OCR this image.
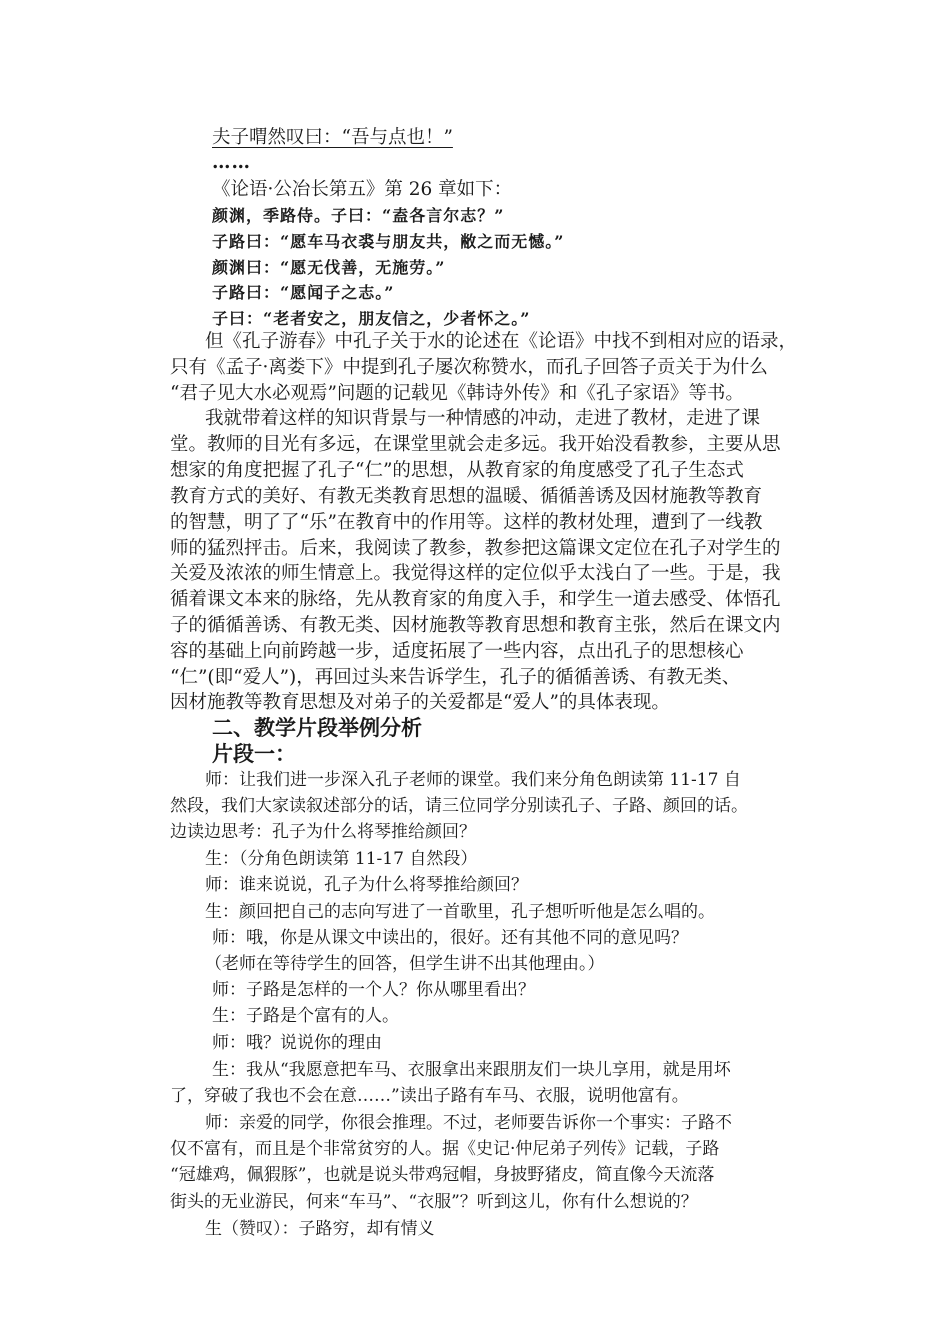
夫子喟然叹曰：“吾与点也！”
……
《论语·公冶长第五》第 26 章如下：
颜渊，季路侍。子曰：“盍各言尔志？”
子路曰：“愿车马衣裘与朋友共，敝之而无憾。”
颜渊曰：“愿无伐善，无施劳。”
子路曰：“愿闻子之志。”
子曰：“老者安之，朋友信之，少者怀之。”
但《孔子游春》中孔子关于水的论述在《论语》中找不到相对应的语录，
只有《孟子·离娄下》中提到孔子屡次称赞水，而孔子回答子贡关于为什么
“君子见大水必观焉”问题的记载见《韩诗外传》和《孔子家语》等书。
我就带着这样的知识背景与一种情感的冲动，走进了教材，走进了课
堂。教师的目光有多远，在课堂里就会走多远。我开始没看教参，主要从思
想家的角度把握了孔子“仁”的思想，从教育家的角度感受了孔子生态式
教育方式的美好、有教无类教育思想的温暖、循循善诱及因材施教等教育
的智慧，明了了“乐”在教育中的作用等。这样的教材处理，遭到了一线教
师的猛烈抨击。后来，我阅读了教参，教参把这篇课文定位在孔子对学生的
关爱及浓浓的师生情意上。我觉得这样的定位似乎太浅白了一些。于是，我
循着课文本来的脉络，先从教育家的角度入手，和学生一道去感受、体悟孔
子的循循善诱、有教无类、因材施教等教育思想和教育主张，然后在课文内
容的基础上向前跨越一步，适度拓展了一些内容，点出孔子的思想核心
“仁”(即“爱人”)，再回过头来告诉学生，孔子的循循善诱、有教无类、
因材施教等教育思想及对弟子的关爱都是“爱人”的具体表现。
二、教学片段举例分析
片段一：
师：让我们进一步深入孔子老师的课堂。我们来分角色朗读第 11-17 自
然段，我们大家读叙述部分的话，请三位同学分别读孔子、子路、颜回的话。
边读边思考：孔子为什么将琴推给颜回？
生：（分角色朗读第 11-17 自然段）
师：谁来说说，孔子为什么将琴推给颜回？
生：颜回把自己的志向写进了一首歌里，孔子想听听他是怎么唱的。
师：哦，你是从课文中读出的，很好。还有其他不同的意见吗？
（老师在等待学生的回答，但学生讲不出其他理由。）
师：子路是怎样的一个人？你从哪里看出？
生：子路是个富有的人。
师：哦？说说你的理由
生：我从“我愿意把车马、衣服拿出来跟朋友们一块儿享用，就是用坏
了，穿破了我也不会在意……”读出子路有车马、衣服，说明他富有。
师：亲爱的同学，你很会推理。不过，老师要告诉你一个事实：子路不
仅不富有，而且是个非常贫穷的人。据《史记·仲尼弟子列传》记载，子路
“冠雄鸡，佩猳豚”，也就是说头带鸡冠帽，身披野猪皮，简直像今天流落
街头的无业游民，何来“车马”、“衣服”？听到这儿，你有什么想说的？
生（赞叹）：子路穷，却有情义
